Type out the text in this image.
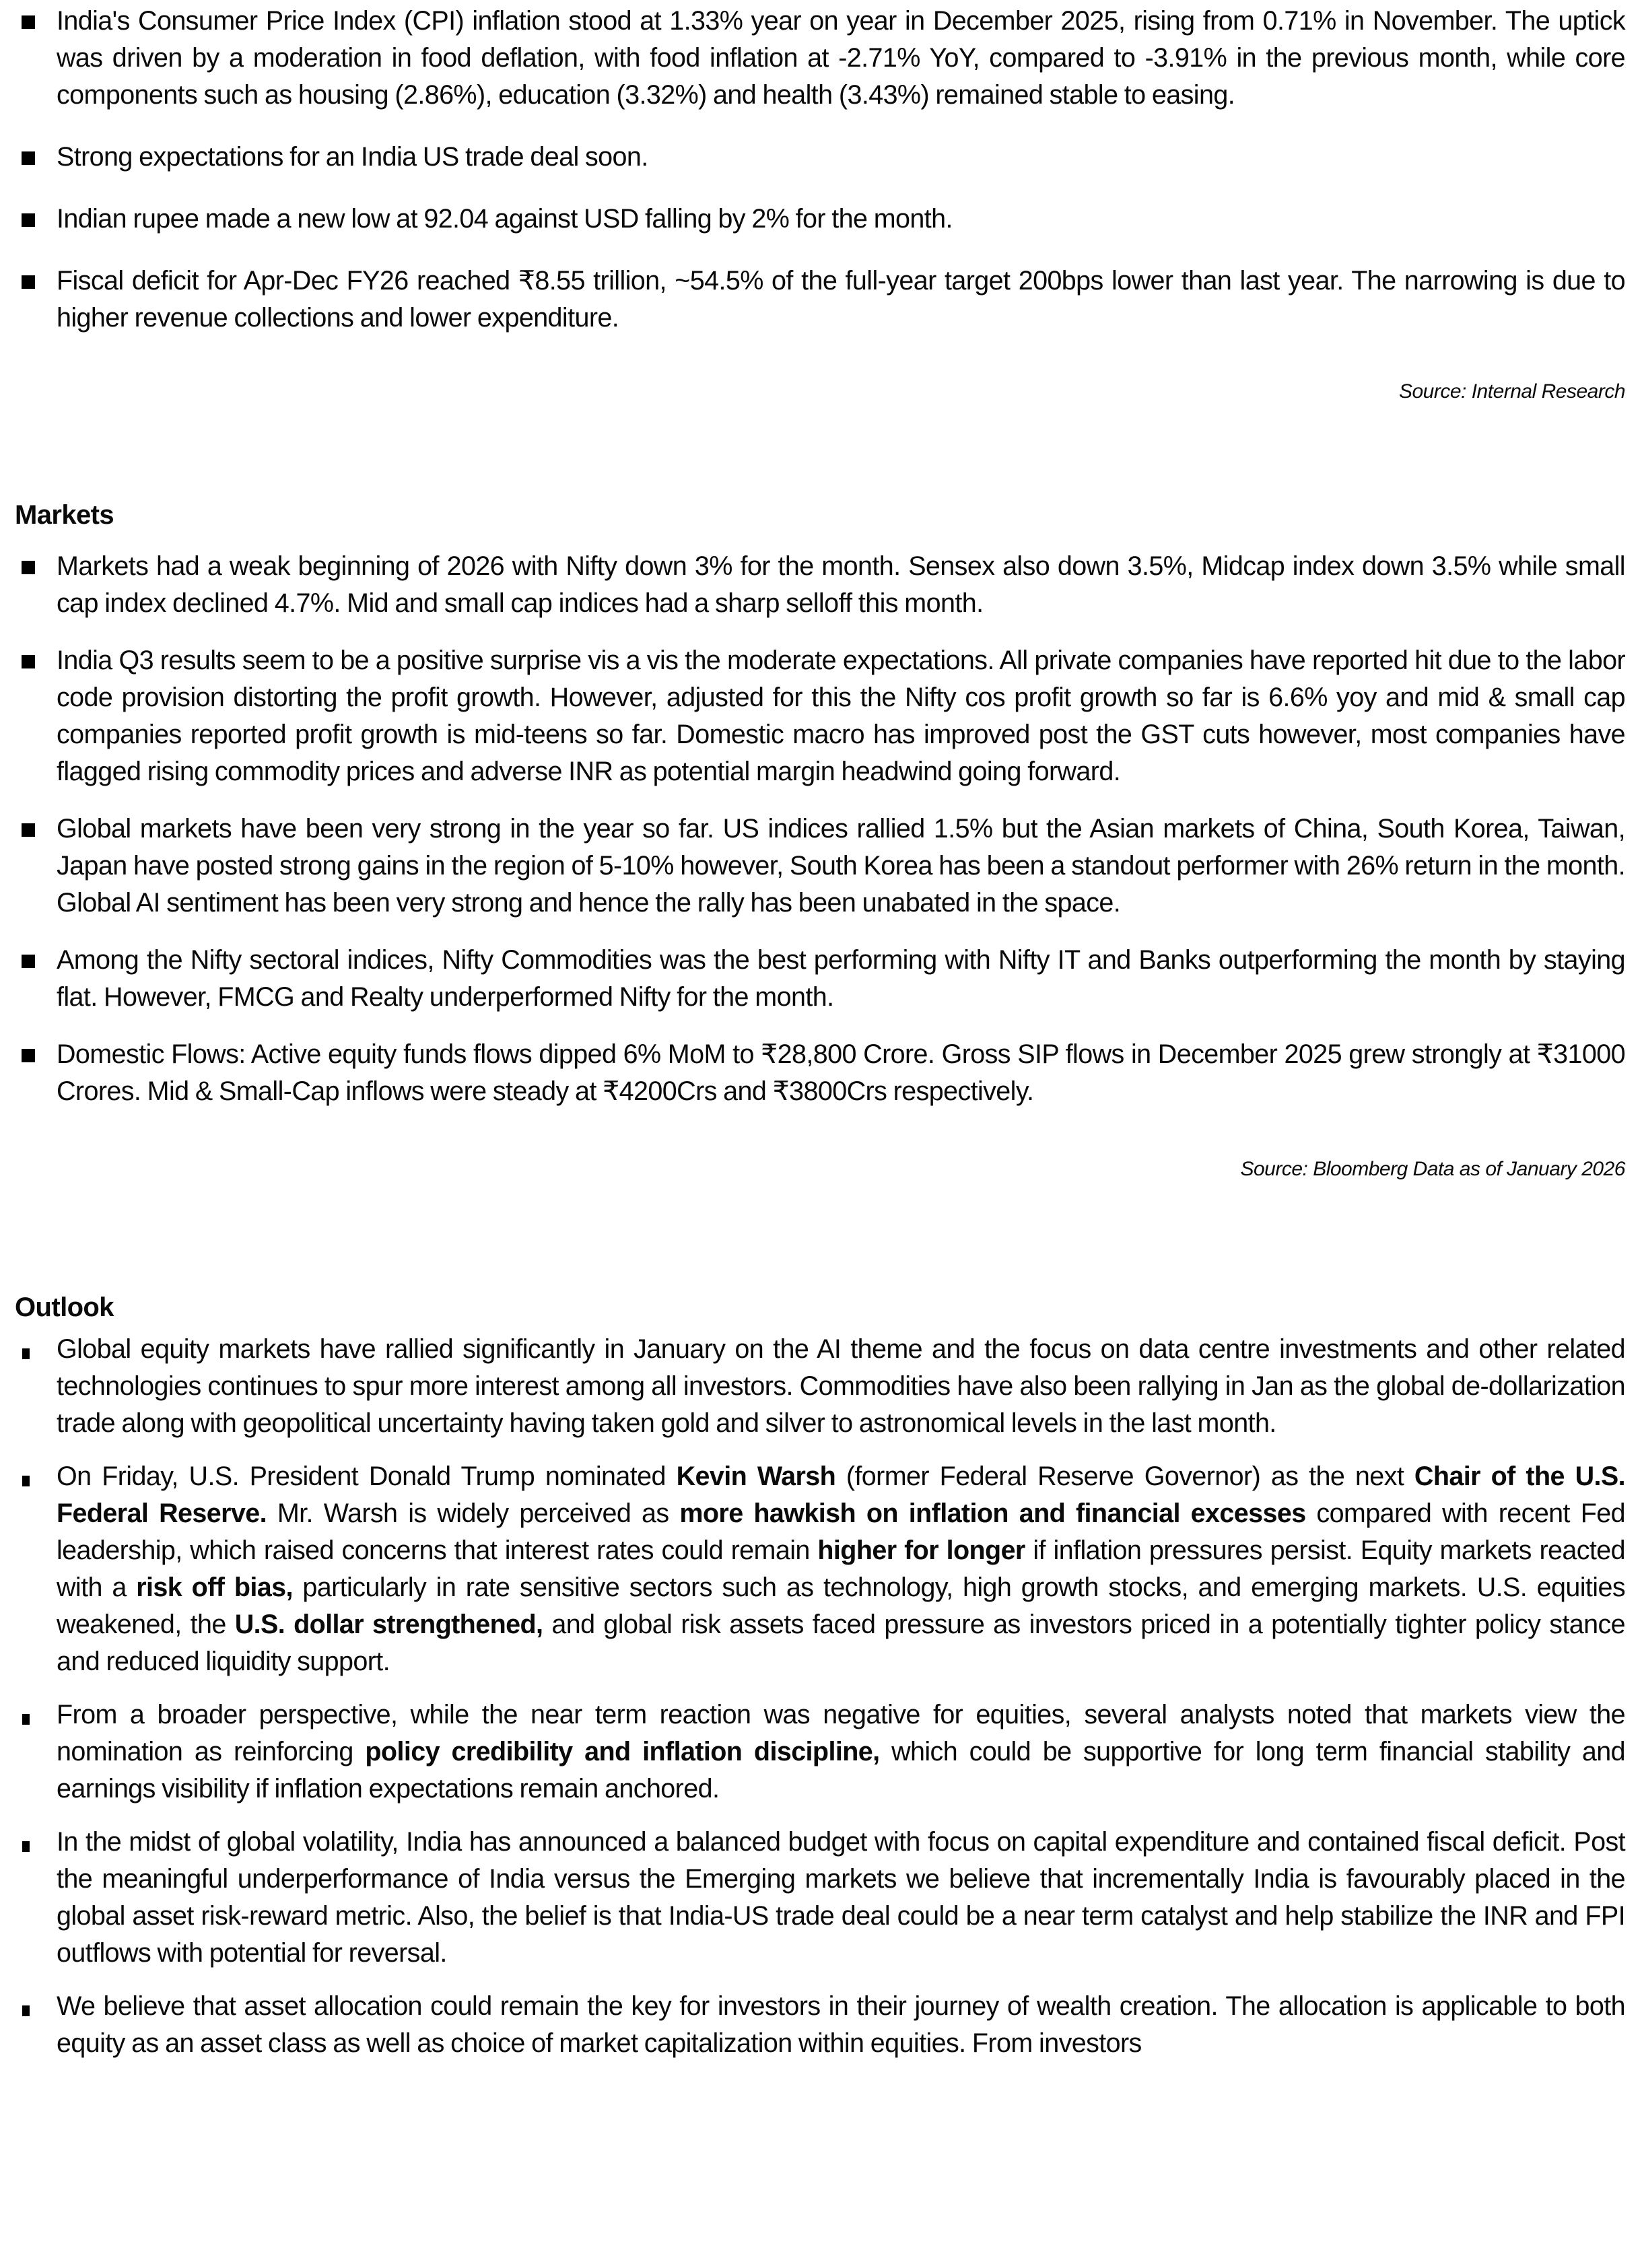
India's Consumer Price Index (CPI) inflation stood at 1.33% year on year in December 2025, rising from 0.71% in November. The uptick was driven by a moderation in food deflation, with food inflation at -2.71% YoY, compared to -3.91% in the previous month, while core components such as housing (2.86%), education (3.32%) and health (3.43%) remained stable to easing.
Strong expectations for an India US trade deal soon.
Indian rupee made a new low at 92.04 against USD falling by 2% for the month.
Fiscal deficit for Apr-Dec FY26 reached ₹8.55 trillion, ~54.5% of the full-year target 200bps lower than last year. The narrowing is due to higher revenue collections and lower expenditure.
Source: Internal Research
Markets
Markets had a weak beginning of 2026 with Nifty down 3% for the month. Sensex also down 3.5%, Midcap index down 3.5% while small cap index declined 4.7%. Mid and small cap indices had a sharp selloff this month.
India Q3 results seem to be a positive surprise vis a vis the moderate expectations. All private companies have reported hit due to the labor code provision distorting the profit growth. However, adjusted for this the Nifty cos profit growth so far is 6.6% yoy and mid & small cap companies reported profit growth is mid-teens so far. Domestic macro has improved post the GST cuts however, most companies have flagged rising commodity prices and adverse INR as potential margin headwind going forward.
Global markets have been very strong in the year so far. US indices rallied 1.5% but the Asian markets of China, South Korea, Taiwan, Japan have posted strong gains in the region of 5-10% however, South Korea has been a standout performer with 26% return in the month. Global AI sentiment has been very strong and hence the rally has been unabated in the space.
Among the Nifty sectoral indices, Nifty Commodities was the best performing with Nifty IT and Banks outperforming the month by staying flat. However, FMCG and Realty underperformed Nifty for the month.
Domestic Flows: Active equity funds flows dipped 6% MoM to ₹28,800 Crore. Gross SIP flows in December 2025 grew strongly at ₹31000 Crores. Mid & Small-Cap inflows were steady at ₹4200Crs and ₹3800Crs respectively.
Source: Bloomberg Data as of January 2026
Outlook
Global equity markets have rallied significantly in January on the AI theme and the focus on data centre investments and other related technologies continues to spur more interest among all investors. Commodities have also been rallying in Jan as the global de-dollarization trade along with geopolitical uncertainty having taken gold and silver to astronomical levels in the last month.
On Friday, U.S. President Donald Trump nominated Kevin Warsh (former Federal Reserve Governor) as the next Chair of the U.S. Federal Reserve. Mr. Warsh is widely perceived as more hawkish on inflation and financial excesses compared with recent Fed leadership, which raised concerns that interest rates could remain higher for longer if inflation pressures persist. Equity markets reacted with a risk off bias, particularly in rate sensitive sectors such as technology, high growth stocks, and emerging markets. U.S. equities weakened, the U.S. dollar strengthened, and global risk assets faced pressure as investors priced in a potentially tighter policy stance and reduced liquidity support.
From a broader perspective, while the near term reaction was negative for equities, several analysts noted that markets view the nomination as reinforcing policy credibility and inflation discipline, which could be supportive for long term financial stability and earnings visibility if inflation expectations remain anchored.
In the midst of global volatility, India has announced a balanced budget with focus on capital expenditure and contained fiscal deficit. Post the meaningful underperformance of India versus the Emerging markets we believe that incrementally India is favourably placed in the global asset risk-reward metric. Also, the belief is that India-US trade deal could be a near term catalyst and help stabilize the INR and FPI outflows with potential for reversal.
We believe that asset allocation could remain the key for investors in their journey of wealth creation. The allocation is applicable to both equity as an asset class as well as choice of market capitalization within equities. From investors
